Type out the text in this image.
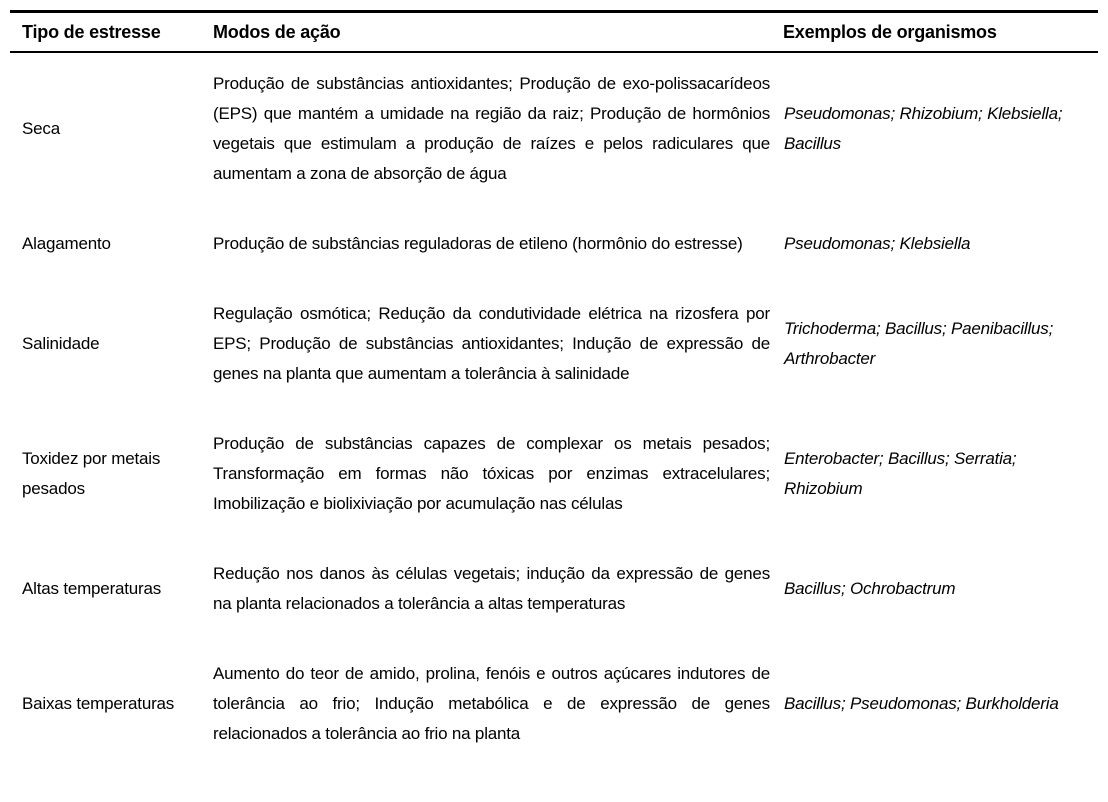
Tipo de estresse	Modos de ação	Exemplos de organismos
Seca	Produção de substâncias antioxidantes; Produção de exo-polissacarídeos (EPS) que mantém a umidade na região da raiz; Produção de hormônios vegetais que estimulam a produção de raízes e pelos radiculares que aumentam a zona de absorção de água	Pseudomonas; Rhizobium; Klebsiella; Bacillus
Alagamento	Produção de substâncias reguladoras de etileno (hormônio do estresse)	Pseudomonas; Klebsiella
Salinidade	Regulação osmótica; Redução da condutividade elétrica na rizosfera por EPS; Produção de substâncias antioxidantes; Indução de expressão de genes na planta que aumentam a tolerância à salinidade	Trichoderma; Bacillus; Paenibacillus; Arthrobacter
Toxidez por metais pesados	Produção de substâncias capazes de complexar os metais pesados; Transformação em formas não tóxicas por enzimas extracelulares; Imobilização e biolixiviação por acumulação nas células	Enterobacter; Bacillus; Serratia; Rhizobium
Altas temperaturas	Redução nos danos às células vegetais; indução da expressão de genes na planta relacionados a tolerância a altas temperaturas	Bacillus; Ochrobactrum
Baixas temperaturas	Aumento do teor de amido, prolina, fenóis e outros açúcares indutores de tolerância ao frio; Indução metabólica e de expressão de genes relacionados a tolerância ao frio na planta	Bacillus; Pseudomonas; Burkholderia
